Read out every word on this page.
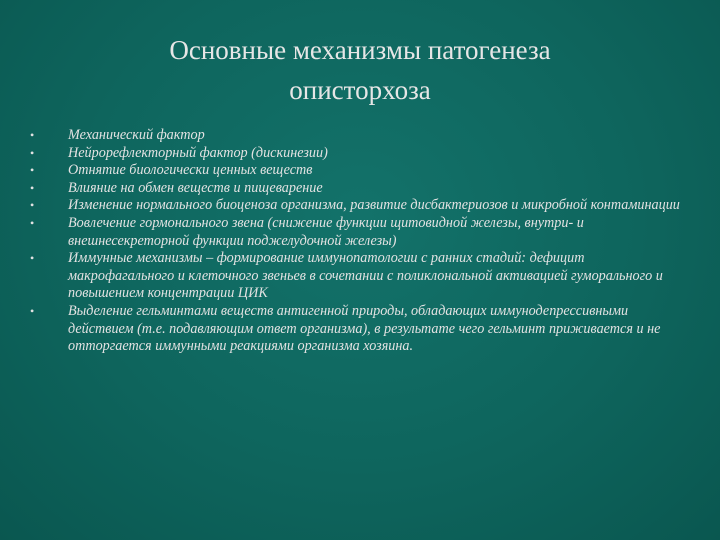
Основные механизмы патогенеза
описторхоза
•	Механический фактор
•	Нейрорефлекторный фактор (дискинезии)
•	Отнятие биологически ценных веществ
•	Влияние на обмен веществ и пищеварение
•	Изменение нормального биоценоза организма, развитие дисбактериозов и микробной контаминации
•	Вовлечение гормонального звена (снижение функции щитовидной железы, внутри- и внешнесекреторной функции поджелудочной железы)
•	Иммунные механизмы – формирование иммунопатологии с ранних стадий: дефицит макрофагального и клеточного звеньев в сочетании с поликлональной активацией гуморального и повышением концентрации ЦИК
•	Выделение гельминтами веществ антигенной природы, обладающих иммунодепрессивными действием (т.е. подавляющим ответ организма), в результате чего гельминт приживается и не отторгается иммунными реакциями организма хозяина.
